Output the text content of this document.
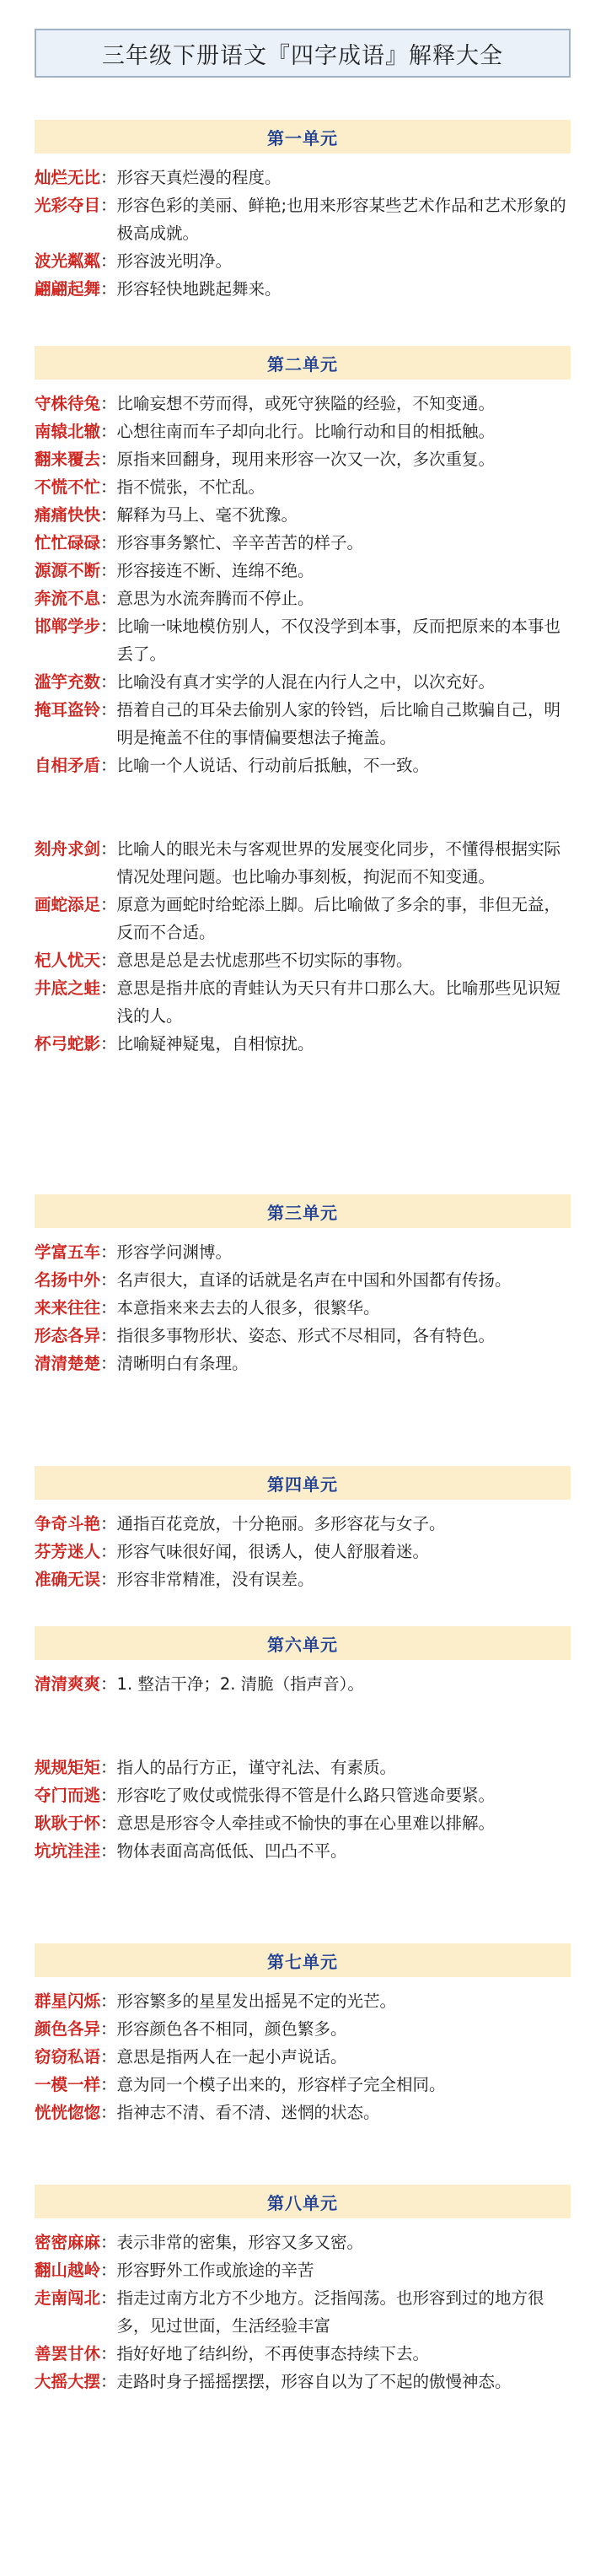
三年级下册语文『四字成语』解释大全
第一单元
灿烂无比 ： 形容天真烂漫的程度。
光彩夺目 ： 形容色彩的美丽、鲜艳;也用来形容某些艺术作品和艺术形象的极高成就。
波光粼粼 ： 形容波光明净。
翩翩起舞 ： 形容轻快地跳起舞来。
第二单元
守株待兔 ： 比喻妄想不劳而得，或死守狭隘的经验，不知变通。
南辕北辙 ： 心想往南而车子却向北行。比喻行动和目的相抵触。
翻来覆去 ： 原指来回翻身，现用来形容一次又一次，多次重复。
不慌不忙 ： 指不慌张，不忙乱。
痛痛快快 ： 解释为马上、毫不犹豫。
忙忙碌碌 ： 形容事务繁忙、辛辛苦苦的样子。
源源不断 ： 形容接连不断、连绵不绝。
奔流不息 ： 意思为水流奔腾而不停止。
邯郸学步 ： 比喻一味地模仿别人，不仅没学到本事，反而把原来的本事也丢了。
滥竽充数 ： 比喻没有真才实学的人混在内行人之中，以次充好。
掩耳盗铃 ： 捂着自己的耳朵去偷别人家的铃铛，后比喻自己欺骗自己，明明是掩盖不住的事情偏要想法子掩盖。
自相矛盾 ： 比喻一个人说话、行动前后抵触，不一致。
刻舟求剑 ： 比喻人的眼光未与客观世界的发展变化同步，不懂得根据实际情况处理问题。也比喻办事刻板，拘泥而不知变通。
画蛇添足 ： 原意为画蛇时给蛇添上脚。后比喻做了多余的事，非但无益，反而不合适。
杞人忧天 ： 意思是总是去忧虑那些不切实际的事物。
井底之蛙 ： 意思是指井底的青蛙认为天只有井口那么大。比喻那些见识短浅的人。
杯弓蛇影 ： 比喻疑神疑鬼，自相惊扰。
第三单元
学富五车 ： 形容学问渊博。
名扬中外 ： 名声很大，直译的话就是名声在中国和外国都有传扬。
来来往往 ： 本意指来来去去的人很多，很繁华。
形态各异 ： 指很多事物形状、姿态、形式不尽相同，各有特色。
清清楚楚 ： 清晰明白有条理。
第四单元
争奇斗艳 ： 通指百花竞放，十分艳丽。多形容花与女子。
芬芳迷人 ： 形容气味很好闻，很诱人，使人舒服着迷。
准确无误 ： 形容非常精准，没有误差。
第六单元
清清爽爽 ： 1. 整洁干净；2. 清脆（指声音）。
规规矩矩 ： 指人的品行方正，谨守礼法、有素质。
夺门而逃 ： 形容吃了败仗或慌张得不管是什么路只管逃命要紧。
耿耿于怀 ： 意思是形容令人牵挂或不愉快的事在心里难以排解。
坑坑洼洼 ： 物体表面高高低低、凹凸不平。
第七单元
群星闪烁 ： 形容繁多的星星发出摇晃不定的光芒。
颜色各异 ： 形容颜色各不相同，颜色繁多。
窃窃私语 ： 意思是指两人在一起小声说话。
一模一样 ： 意为同一个模子出来的，形容样子完全相同。
恍恍惚惚 ： 指神志不清、看不清、迷惘的状态。
第八单元
密密麻麻 ： 表示非常的密集，形容又多又密。
翻山越岭 ： 形容野外工作或旅途的辛苦
走南闯北 ： 指走过南方北方不少地方。泛指闯荡。也形容到过的地方很多，见过世面，生活经验丰富
善罢甘休 ： 指好好地了结纠纷，不再使事态持续下去。
大摇大摆 ： 走路时身子摇摇摆摆，形容自以为了不起的傲慢神态。
